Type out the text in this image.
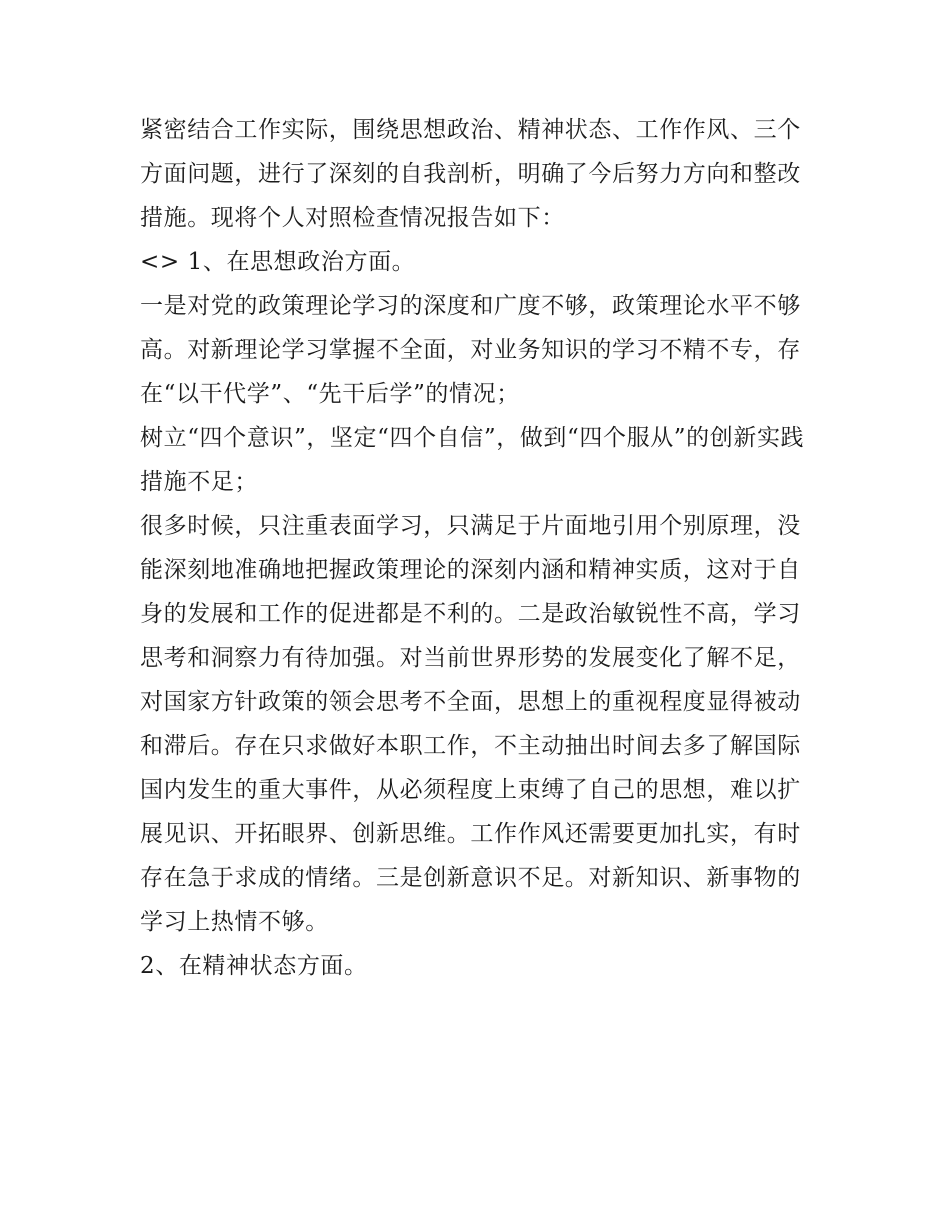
紧密结合工作实际，围绕思想政治、精神状态、工作作风、三个方面问题，进行了深刻的自我剖析，明确了今后努力方向和整改措施。现将个人对照检查情况报告如下：

<> 1、在思想政治方面。

一是对党的政策理论学习的深度和广度不够，政策理论水平不够高。对新理论学习掌握不全面，对业务知识的学习不精不专，存在“以干代学”、“先干后学”的情况；

树立“四个意识”，坚定“四个自信”，做到“四个服从”的创新实践措施不足；

很多时候，只注重表面学习，只满足于片面地引用个别原理，没能深刻地准确地把握政策理论的深刻内涵和精神实质，这对于自身的发展和工作的促进都是不利的。二是政治敏锐性不高，学习思考和洞察力有待加强。对当前世界形势的发展变化了解不足，对国家方针政策的领会思考不全面，思想上的重视程度显得被动和滞后。存在只求做好本职工作，不主动抽出时间去多了解国际国内发生的重大事件，从必须程度上束缚了自己的思想，难以扩展见识、开拓眼界、创新思维。工作作风还需要更加扎实，有时存在急于求成的情绪。三是创新意识不足。对新知识、新事物的学习上热情不够。

2、在精神状态方面。
